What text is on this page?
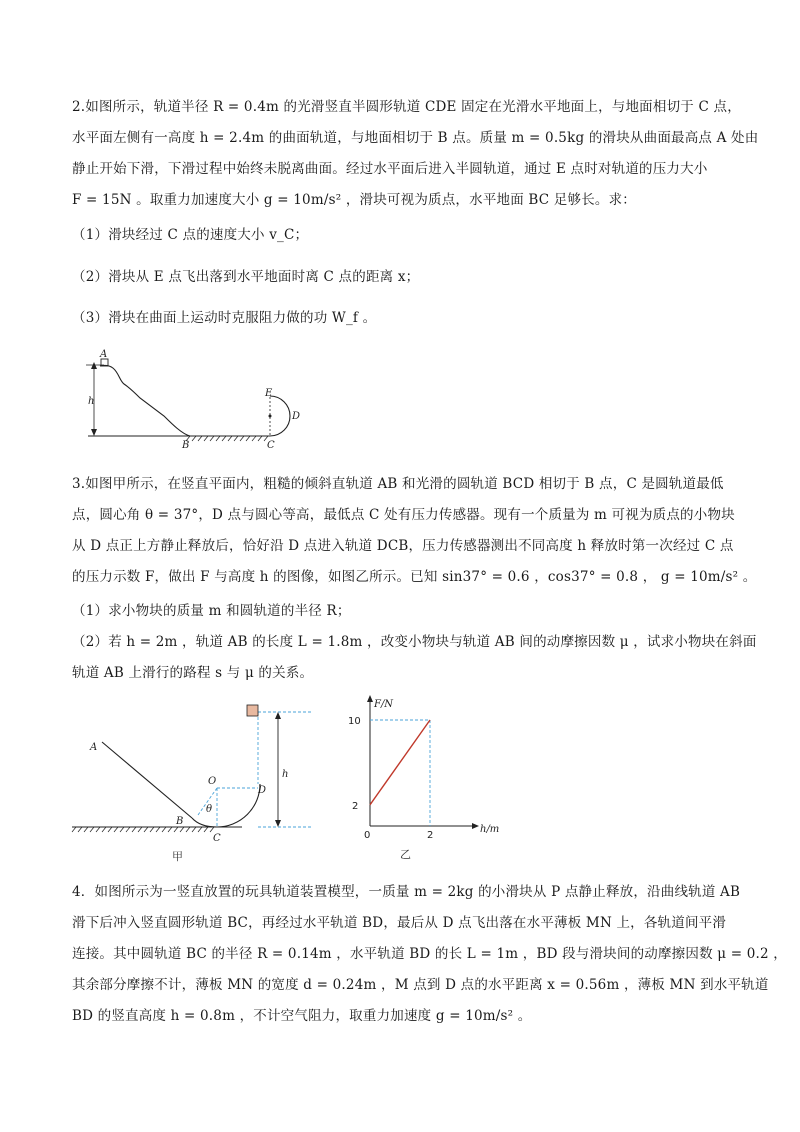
2.如图所示，轨道半径 R = 0.4m 的光滑竖直半圆形轨道 CDE 固定在光滑水平地面上，与地面相切于 C 点，
水平面左侧有一高度 h = 2.4m 的曲面轨道，与地面相切于 B 点。质量 m = 0.5kg 的滑块从曲面最高点 A 处由
静止开始下滑，下滑过程中始终未脱离曲面。经过水平面后进入半圆轨道，通过 E 点时对轨道的压力大小
F = 15N 。取重力加速度大小 g = 10m/s² ，滑块可视为质点，水平地面 BC 足够长。求：
（1）滑块经过 C 点的速度大小 v_C；
（2）滑块从 E 点飞出落到水平地面时离 C 点的距离 x；
（3）滑块在曲面上运动时克服阻力做的功 W_f 。
h
A
B
E
D
C
3.如图甲所示，在竖直平面内，粗糙的倾斜直轨道 AB 和光滑的圆轨道 BCD 相切于 B 点，C 是圆轨道最低
点，圆心角 θ = 37°，D 点与圆心等高，最低点 C 处有压力传感器。现有一个质量为 m 可视为质点的小物块
从 D 点正上方静止释放后，恰好沿 D 点进入轨道 DCB，压力传感器测出不同高度 h 释放时第一次经过 C 点
的压力示数 F，做出 F 与高度 h 的图像，如图乙所示。已知 sin37° = 0.6 ，cos37° = 0.8 ， g = 10m/s² 。
（1）求小物块的质量 m 和圆轨道的半径 R；
（2）若 h = 2m ，轨道 AB 的长度 L = 1.8m ，改变小物块与轨道 AB 间的动摩擦因数 μ ，试求小物块在斜面
轨道 AB 上滑行的路程 s 与 μ 的关系。
A
B
h
O
θ
D
C
甲
2
10
2
F/N
h/m
0
乙
4．如图所示为一竖直放置的玩具轨道装置模型，一质量 m = 2kg 的小滑块从 P 点静止释放，沿曲线轨道 AB
滑下后冲入竖直圆形轨道 BC，再经过水平轨道 BD，最后从 D 点飞出落在水平薄板 MN 上，各轨道间平滑
连接。其中圆轨道 BC 的半径 R = 0.14m ，水平轨道 BD 的长 L = 1m ，BD 段与滑块间的动摩擦因数 μ = 0.2 ，
其余部分摩擦不计，薄板 MN 的宽度 d = 0.24m ，M 点到 D 点的水平距离 x = 0.56m ，薄板 MN 到水平轨道
BD 的竖直高度 h = 0.8m ，不计空气阻力，取重力加速度 g = 10m/s² 。
